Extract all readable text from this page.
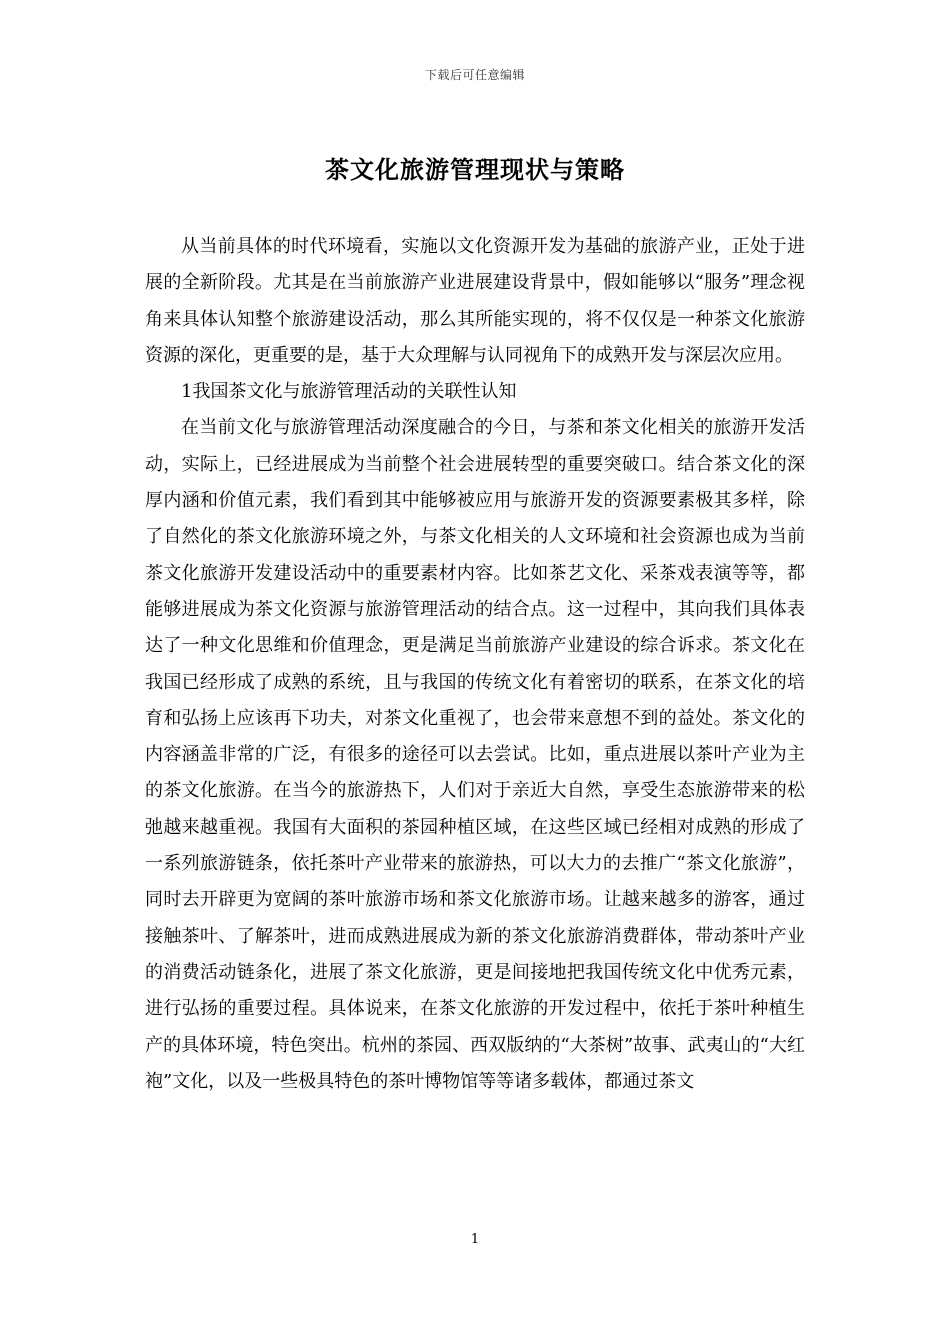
下载后可任意编辑
茶文化旅游管理现状与策略

从当前具体的时代环境看，实施以文化资源开发为基础的旅游产业，正处于进展的全新阶段。尤其是在当前旅游产业进展建设背景中，假如能够以“服务”理念视角来具体认知整个旅游建设活动，那么其所能实现的，将不仅仅是一种茶文化旅游资源的深化，更重要的是，基于大众理解与认同视角下的成熟开发与深层次应用。

1我国茶文化与旅游管理活动的关联性认知

在当前文化与旅游管理活动深度融合的今日，与茶和茶文化相关的旅游开发活动，实际上，已经进展成为当前整个社会进展转型的重要突破口。结合茶文化的深厚内涵和价值元素，我们看到其中能够被应用与旅游开发的资源要素极其多样，除了自然化的茶文化旅游环境之外，与茶文化相关的人文环境和社会资源也成为当前茶文化旅游开发建设活动中的重要素材内容。比如茶艺文化、采茶戏表演等等，都能够进展成为茶文化资源与旅游管理活动的结合点。这一过程中，其向我们具体表达了一种文化思维和价值理念，更是满足当前旅游产业建设的综合诉求。茶文化在我国已经形成了成熟的系统，且与我国的传统文化有着密切的联系，在茶文化的培育和弘扬上应该再下功夫，对茶文化重视了，也会带来意想不到的益处。茶文化的内容涵盖非常的广泛，有很多的途径可以去尝试。比如，重点进展以茶叶产业为主的茶文化旅游。在当今的旅游热下，人们对于亲近大自然，享受生态旅游带来的松弛越来越重视。我国有大面积的茶园种植区域，在这些区域已经相对成熟的形成了一系列旅游链条，依托茶叶产业带来的旅游热，可以大力的去推广“茶文化旅游”，同时去开辟更为宽阔的茶叶旅游市场和茶文化旅游市场。让越来越多的游客，通过接触茶叶、了解茶叶，进而成熟进展成为新的茶文化旅游消费群体，带动茶叶产业的消费活动链条化，进展了茶文化旅游，更是间接地把我国传统文化中优秀元素，进行弘扬的重要过程。具体说来，在茶文化旅游的开发过程中，依托于茶叶种植生产的具体环境，特色突出。杭州的茶园、西双版纳的“大茶树”故事、武夷山的“大红袍”文化，以及一些极具特色的茶叶博物馆等等诸多载体，都通过茶文

1
